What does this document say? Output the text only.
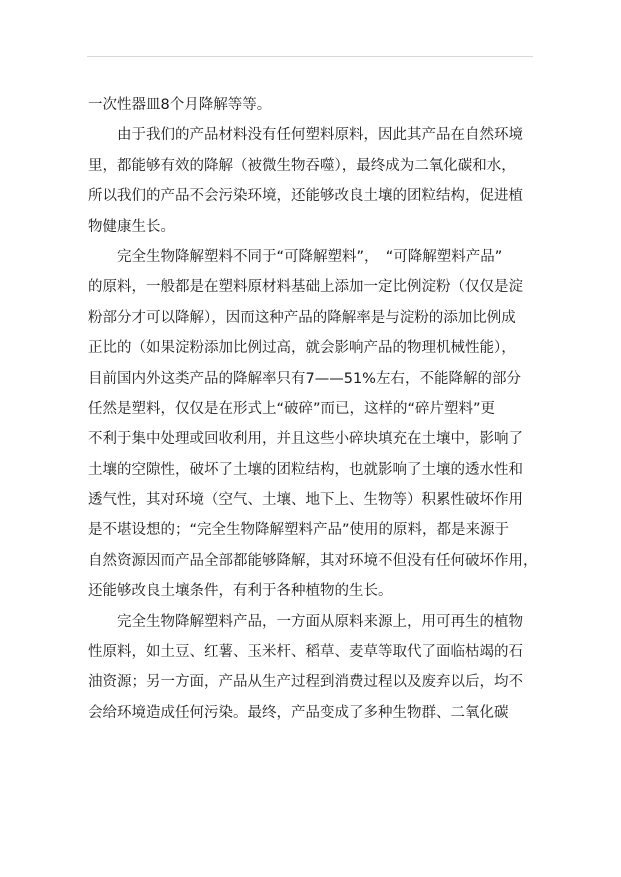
一次性器皿8个月降解等等。
由于我们的产品材料没有任何塑料原料，因此其产品在自然环境
里，都能够有效的降解（被微生物吞噬），最终成为二氧化碳和水，
所以我们的产品不会污染环境，还能够改良土壤的团粒结构，促进植
物健康生长。
完全生物降解塑料不同于“可降解塑料”，　“可降解塑料产品”
的原料，一般都是在塑料原材料基础上添加一定比例淀粉（仅仅是淀
粉部分才可以降解），因而这种产品的降解率是与淀粉的添加比例成
正比的（如果淀粉添加比例过高，就会影响产品的物理机械性能），
目前国内外这类产品的降解率只有7——51%左右，不能降解的部分
任然是塑料，仅仅是在形式上“破碎”而已，这样的“碎片塑料”更
不利于集中处理或回收利用，并且这些小碎块填充在土壤中，影响了
土壤的空隙性，破坏了土壤的团粒结构，也就影响了土壤的透水性和
透气性，其对环境（空气、土壤、地下上、生物等）积累性破坏作用
是不堪设想的；“完全生物降解塑料产品”使用的原料，都是来源于
自然资源因而产品全部都能够降解，其对环境不但没有任何破坏作用，
还能够改良土壤条件，有利于各种植物的生长。
完全生物降解塑料产品，一方面从原料来源上，用可再生的植物
性原料，如土豆、红薯、玉米杆、稻草、麦草等取代了面临枯竭的石
油资源；另一方面，产品从生产过程到消费过程以及废弃以后，均不
会给环境造成任何污染。最终，产品变成了多种生物群、二氧化碳
